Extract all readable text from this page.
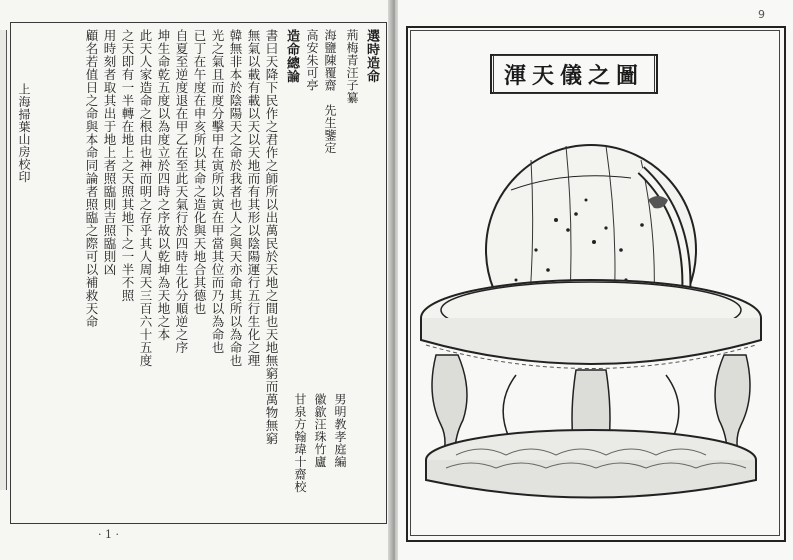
選時造命
荊梅青汪子纂
海鹽陳覆齋　先生鑒定
高安朱可亭
造命總論
書曰天降下民作之君作之師所以出萬民於天地之間也天地無窮而萬物無窮
無氣以載有載以天以天地而有其形以陰陽運行五行生化之理
韓無非本於陰陽天之命於我者也人之與天亦命其所以為命也
光之氣且而度分擊甲在寅所以寅在甲當其位而乃以為命也
已丁在午度在申亥所以其命之造化與天地合其德也
自夏至逆度退在甲乙在至此天氣行於四時生化分順逆之序
坤生命乾五度以為度立於四時之序故以乾坤為天地之本
此天人家造命之根由也神而明之存乎其人周天三百六十五度
之天即有一半轉在地上之天照其地下之一半不照
用時刻者取其出于地上者照臨則吉照臨則凶
顧名若值日之命與本命同論者照臨之際可以補救天命
上海掃葉山房校印
男明教孝庭編
徽歙汪珠竹廬
甘泉方翰瑋十齋校
· 1 ·
9
圖之儀天渾
